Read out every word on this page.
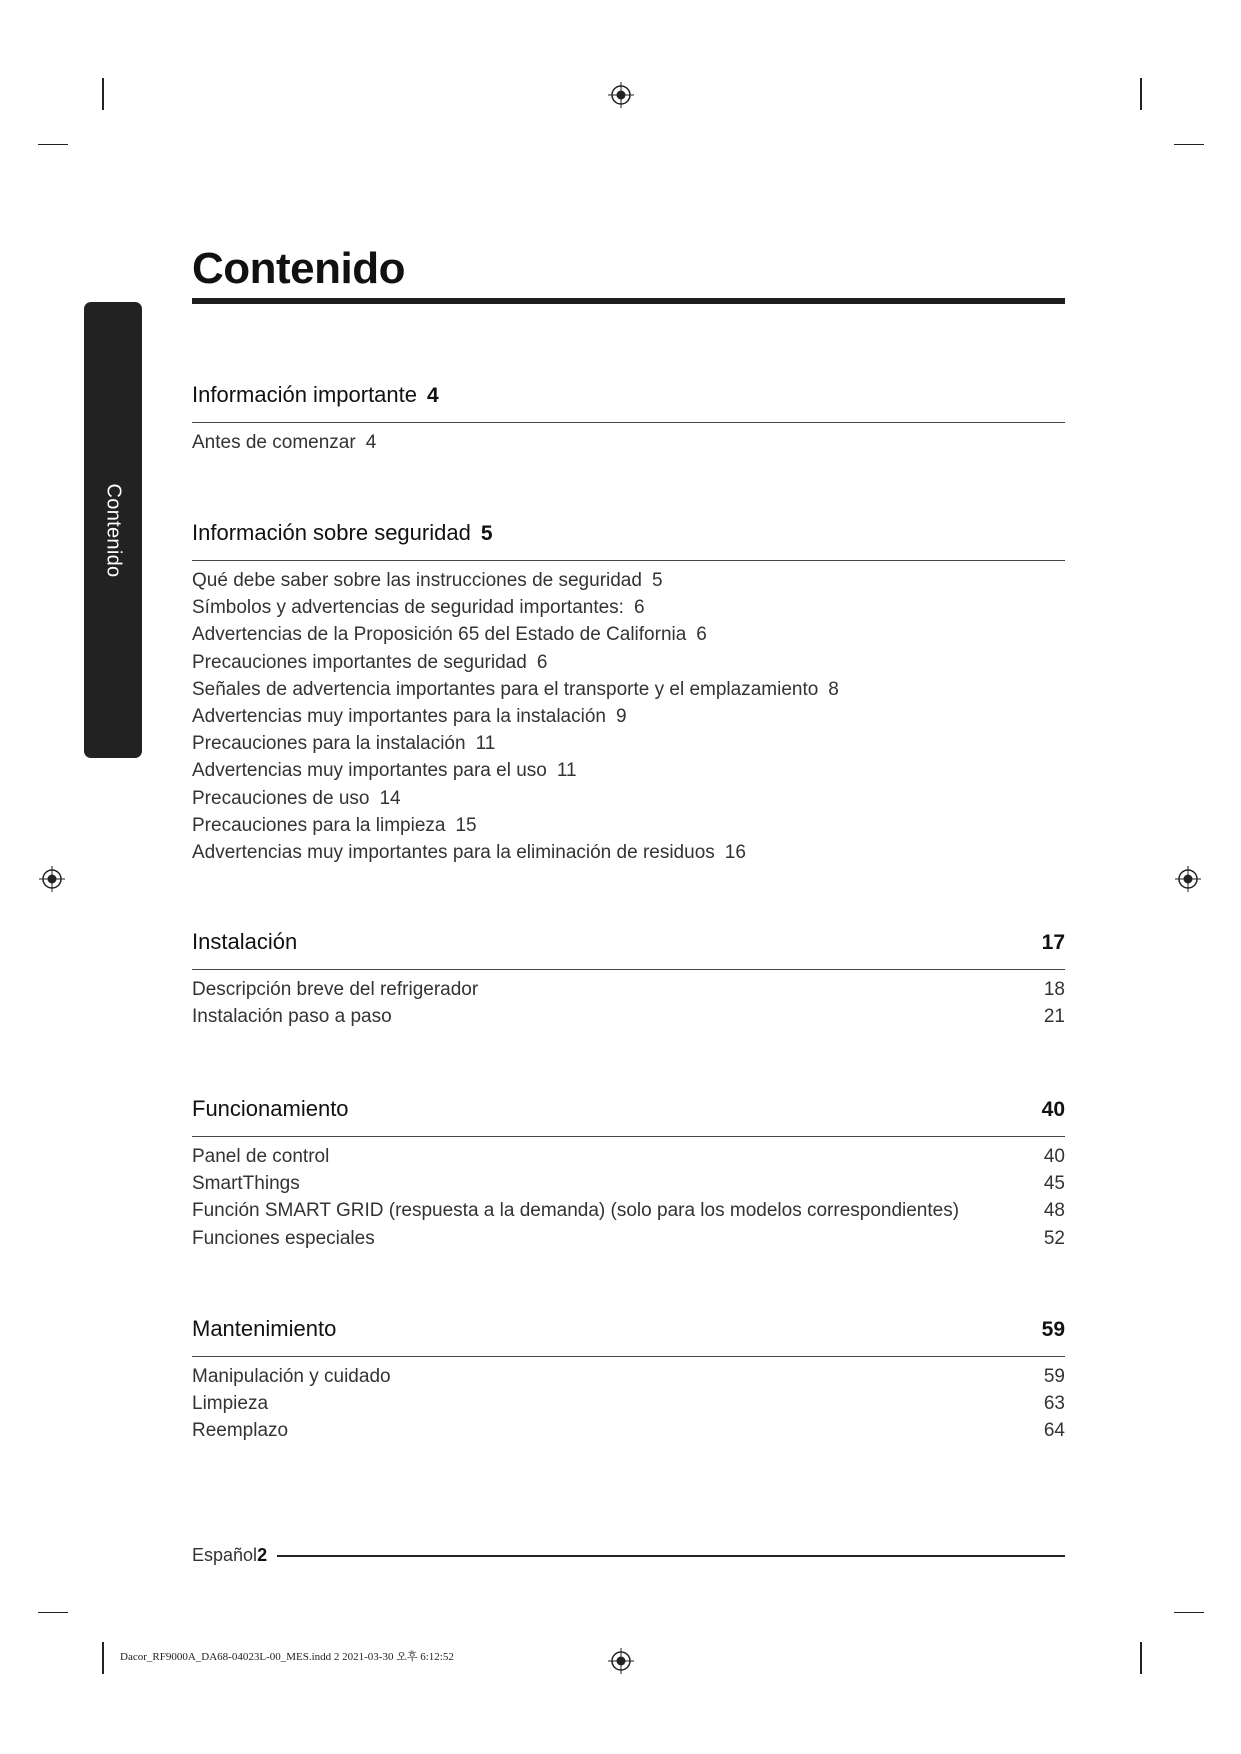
Contenido
Contenido
Información importante 4
Antes de comenzar 4
Información sobre seguridad 5
Qué debe saber sobre las instrucciones de seguridad 5
Símbolos y advertencias de seguridad importantes: 6
Advertencias de la Proposición 65 del Estado de California 6
Precauciones importantes de seguridad 6
Señales de advertencia importantes para el transporte y el emplazamiento 8
Advertencias muy importantes para la instalación 9
Precauciones para la instalación 11
Advertencias muy importantes para el uso 11
Precauciones de uso 14
Precauciones para la limpieza 15
Advertencias muy importantes para la eliminación de residuos 16
Instalación	17
Descripción breve del refrigerador	18
Instalación paso a paso	21
Funcionamiento	40
Panel de control	40
SmartThings	45
Función SMART GRID (respuesta a la demanda) (solo para los modelos correspondientes)	48
Funciones especiales	52
Mantenimiento	59
Manipulación y cuidado	59
Limpieza	63
Reemplazo	64
Español 2
Dacor_RF9000A_DA68-04023L-00_MES.indd 2 2021-03-30 오후 6:12:52
